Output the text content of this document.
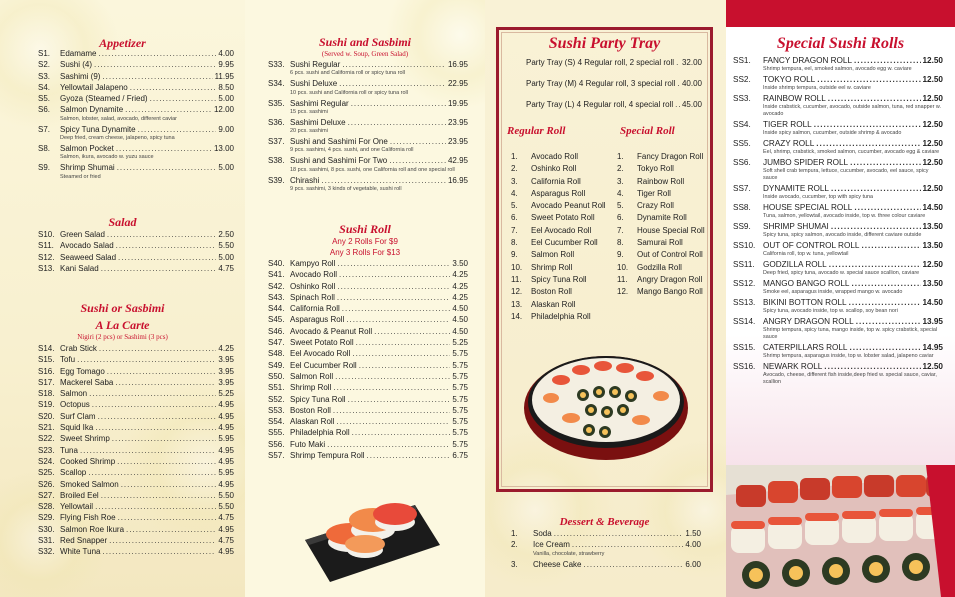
Appetizer
S1.	Edamame .....	4.00
S2.	Sushi (4) .....	9.95
S3.	Sashimi (9) .....	11.95
S4.	Yellowtail Jalapeno .....	8.50
S5.	Gyoza (Steamed / Fried) .....	5.00
S6.	Salmon Dynamite .....	12.00
Salmon, lobster, salad, avocado, different caviar
S7.	Spicy Tuna Dynamite .....	9.00
Deep fried, cream cheese, jalapeno, spicy tuna
S8.	Salmon Pocket .....	13.00
Salmon, ikura, avocado w. yuzu sauce
S9.	Shrimp Shumai .....	5.00
Steamed or fried
Salad
S10. Green Salad .....	2.50
S11. Avocado Salad .....	5.50
S12. Seaweed Salad .....	5.00
S13. Kani Salad .....	4.75
Sushi or Sasbimi
A La Carte
Nigiri (2 pcs) or Sashimi (3 pcs)
S14. Crab Stick .....	4.25
S15. Tofu .....	3.95
S16. Egg Tomago .....	3.95
S17. Mackerel Saba .....	3.95
S18. Salmon .....	5.25
S19. Octopus .....	4.95
S20. Surf Clam .....	4.95
S21. Squid Ika .....	4.95
S22. Sweet Shrimp .....	5.95
S23. Tuna .....	4.95
S24. Cooked Shrimp .....	4.95
S25. Scallop .....	5.95
S26. Smoked Salmon .....	4.95
S27. Broiled Eel .....	5.50
S28. Yellowtail .....	5.50
S29. Flying Fish Roe .....	4.75
S30. Salmon Roe Ikura .....	4.95
S31. Red Snapper .....	4.75
S32. White Tuna .....	4.95
Sushi and Sasbimi
(Served w. Soup, Green Salad)
S33. Sushi Regular .....	16.95
6 pcs. sushi and California roll or spicy tuna roll
S34. Sushi Deluxe .....	22.95
10 pcs. sushi and California roll or spicy tuna roll
S35. Sashimi Regular .....	19.95
15 pcs. sashimi
S36. Sashimi Deluxe .....	23.95
20 pcs. sashimi
S37. Sushi and Sashimi For One .....	23.95
9 pcs. sashimi, 4 pcs. sushi, and one California roll
S38. Sushi and Sashimi For Two .....	42.95
18 pcs. sashimi, 8 pcs. sushi, one California roll and one special roll
S39. Chirashi .....	16.95
9 pcs. sashimi, 3 kinds of vegetable, sushi roll
Sushi Roll
Any 2 Rolls For $9
Any 3 Rolls For $13
S40. Kampyo Roll .....	3.50
S41. Avocado Roll .....	4.25
S42. Oshinko Roll .....	4.25
S43. Spinach Roll .....	4.25
S44. California Roll .....	4.50
S45. Asparagus Roll .....	4.50
S46. Avocado & Peanut Roll .....	4.50
S47. Sweet Potato Roll .....	5.25
S48. Eel Avocado Roll .....	5.75
S49. Eel Cucumber Roll .....	5.75
S50. Salmon Roll .....	5.75
S51. Shrimp Roll .....	5.75
S52. Spicy Tuna Roll .....	5.75
S53. Boston Roll .....	5.75
S54. Alaskan Roll .....	5.75
S55. Philadelphia Roll .....	5.75
S56. Futo Maki .....	5.75
S57. Shrimp Tempura Roll .....	6.75
Sushi Party Tray
Party Tray (S) 4 Regular roll, 2 special roll ..... 32.00
Party Tray (M) 4 Regular roll, 3 special roll ..... 40.00
Party Tray (L) 4 Regular roll, 4 special roll ..... 45.00
Regular Roll	Special Roll
1.	Avocado Roll
2.	Oshinko Roll
3.	California Roll
4.	Asparagus Roll
5.	Avocado Peanut Roll
6.	Sweet Potato Roll
7.	Eel Avocado Roll
8.	Eel Cucumber Roll
9.	Salmon Roll
10.	Shrimp Roll
11.	Spicy Tuna Roll
12.	Boston Roll
13.	Alaskan Roll
14.	Philadelphia Roll
1.	Fancy Dragon Roll
2.	Tokyo Roll
3.	Rainbow Roll
4.	Tiger Roll
5.	Crazy Roll
6.	Dynamite Roll
7.	House Special Roll
8.	Samurai Roll
9.	Out of Control Roll
10.	Godzilla Roll
11.	Angry Dragon Roll
12.	Mango Bango Roll
Dessert & Beverage
1.	Soda .....	1.50
2.	Ice Cream .....	4.00
Vanilla, chocolate, strawberry
3.	Cheese Cake .....	6.00
Special Sushi Rolls
SS1.	FANCY DRAGON ROLL .....	12.50
Shrimp tempura, eel, smoked salmon, avocado egg w. caviare
SS2.	TOKYO ROLL .....	12.50
Inside shrimp tempura, outside eel w. caviare
SS3.	RAINBOW ROLL .....	12.50
Inside crabstick, cucumber, avocado, outside salmon, tuna, red snapper w. avocado
SS4.	TIGER ROLL .....	12.50
Inside spicy salmon, cucumber, outside shrimp & avocado
SS5.	CRAZY ROLL .....	12.50
Eel, shrimp, crabstick, smoked salmon, cucumber, avocado egg & caviare
SS6.	JUMBO SPIDER ROLL .....	12.50
Soft shell crab tempura, lettuce, cucumber, avocado, eel sauce, spicy sauce
SS7.	DYNAMITE ROLL .....	12.50
Inside avocado, cucumber, top with spicy tuna
SS8.	HOUSE SPECIAL ROLL .....	14.50
Tuna, salmon, yellowtail, avocado inside, top w. three colour caviare
SS9.	SHRIMP SHUMAI .....	13.50
Spicy tuna, spicy salmon, avocado inside, different caviare outside
SS10. OUT OF CONTROL ROLL .....	13.50
California roll, top w. tuna, yellowtail
SS11.	GODZILLA ROLL .....	12.50
Deep fried, spicy tuna, avocado w. special sauce scallion, caviare
SS12. MANGO BANGO ROLL .....	13.50
Smoke eel, asparagus inside, wrapped mango w. avocado
SS13. BIKINI BOTTON ROLL .....	14.50
Spicy tuna, avocado inside, top w. scallop, soy bean nori
SS14. ANGRY DRAGON ROLL .....	13.95
Shrimp tempura, spicy tuna, mango inside, top w. spicy crabstick, special sauce
SS15. CATERPILLARS ROLL .....	14.95
Shrimp tempura, asparagus inside, top w. lobster salad, jalapeno caviar
SS16. NEWARK ROLL .....	12.50
Avocado, cheese, different fish inside,deep fried w. special sauce, caviar, scallion
